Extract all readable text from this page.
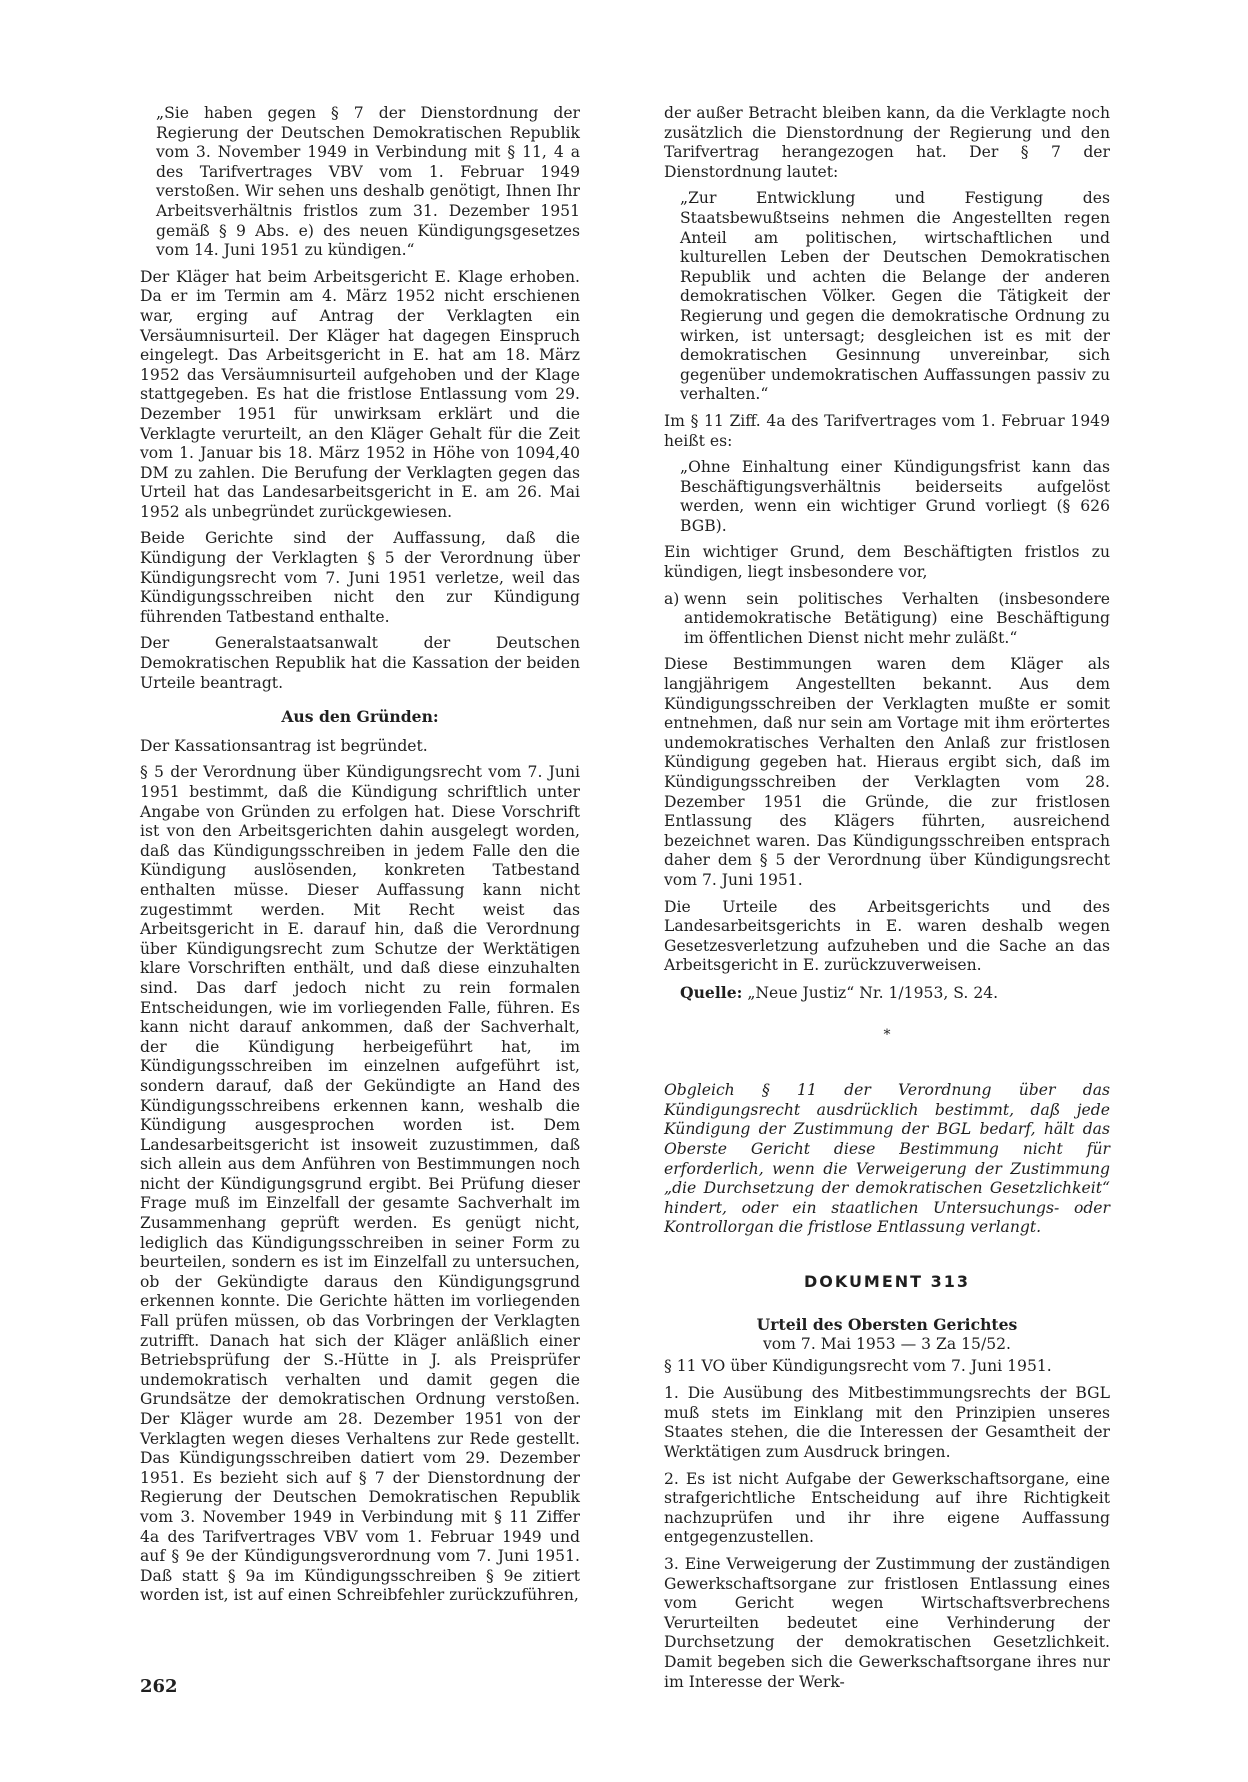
„Sie haben gegen § 7 der Dienstordnung der Regierung der Deutschen Demokratischen Republik vom 3. November 1949 in Verbindung mit § 11, 4 a des Tarifvertrages VBV vom 1. Februar 1949 verstoßen. Wir sehen uns deshalb genötigt, Ihnen Ihr Arbeitsverhältnis fristlos zum 31. Dezember 1951 gemäß § 9 Abs. e) des neuen Kündigungsgesetzes vom 14. Juni 1951 zu kündigen.“

Der Kläger hat beim Arbeitsgericht E. Klage erhoben. Da er im Termin am 4. März 1952 nicht erschienen war, erging auf Antrag der Verklagten ein Versäumnisurteil. Der Kläger hat dagegen Einspruch eingelegt. Das Arbeitsgericht in E. hat am 18. März 1952 das Versäumnisurteil aufgehoben und der Klage stattgegeben. Es hat die fristlose Entlassung vom 29. Dezember 1951 für unwirksam erklärt und die Verklagte verurteilt, an den Kläger Gehalt für die Zeit vom 1. Januar bis 18. März 1952 in Höhe von 1094,40 DM zu zahlen. Die Berufung der Verklagten gegen das Urteil hat das Landesarbeitsgericht in E. am 26. Mai 1952 als unbegründet zurückgewiesen.

Beide Gerichte sind der Auffassung, daß die Kündigung der Verklagten § 5 der Verordnung über Kündigungsrecht vom 7. Juni 1951 verletze, weil das Kündigungsschreiben nicht den zur Kündigung führenden Tatbestand enthalte.

Der Generalstaatsanwalt der Deutschen Demokratischen Republik hat die Kassation der beiden Urteile beantragt.

Aus den Gründen:

Der Kassationsantrag ist begründet.

§ 5 der Verordnung über Kündigungsrecht vom 7. Juni 1951 bestimmt, daß die Kündigung schriftlich unter Angabe von Gründen zu erfolgen hat. Diese Vorschrift ist von den Arbeitsgerichten dahin ausgelegt worden, daß das Kündigungsschreiben in jedem Falle den die Kündigung auslösenden, konkreten Tatbestand enthalten müsse. Dieser Auffassung kann nicht zugestimmt werden. Mit Recht weist das Arbeitsgericht in E. darauf hin, daß die Verordnung über Kündigungsrecht zum Schutze der Werktätigen klare Vorschriften enthält, und daß diese einzuhalten sind. Das darf jedoch nicht zu rein formalen Entscheidungen, wie im vorliegenden Falle, führen. Es kann nicht darauf ankommen, daß der Sachverhalt, der die Kündigung herbeigeführt hat, im Kündigungsschreiben im einzelnen aufgeführt ist, sondern darauf, daß der Gekündigte an Hand des Kündigungsschreibens erkennen kann, weshalb die Kündigung ausgesprochen worden ist. Dem Landesarbeitsgericht ist insoweit zuzustimmen, daß sich allein aus dem Anführen von Bestimmungen noch nicht der Kündigungsgrund ergibt. Bei Prüfung dieser Frage muß im Einzelfall der gesamte Sachverhalt im Zusammenhang geprüft werden. Es genügt nicht, lediglich das Kündigungsschreiben in seiner Form zu beurteilen, sondern es ist im Einzelfall zu untersuchen, ob der Gekündigte daraus den Kündigungsgrund erkennen konnte. Die Gerichte hätten im vorliegenden Fall prüfen müssen, ob das Vorbringen der Verklagten zutrifft. Danach hat sich der Kläger anläßlich einer Betriebsprüfung der S.-Hütte in J. als Preisprüfer undemokratisch verhalten und damit gegen die Grundsätze der demokratischen Ordnung verstoßen. Der Kläger wurde am 28. Dezember 1951 von der Verklagten wegen dieses Verhaltens zur Rede gestellt. Das Kündigungsschreiben datiert vom 29. Dezember 1951. Es bezieht sich auf § 7 der Dienstordnung der Regierung der Deutschen Demokratischen Republik vom 3. November 1949 in Verbindung mit § 11 Ziffer 4a des Tarifvertrages VBV vom 1. Februar 1949 und auf § 9e der Kündigungsverordnung vom 7. Juni 1951. Daß statt § 9a im Kündigungsschreiben § 9e zitiert worden ist, ist auf einen Schreibfehler zurückzuführen,

der außer Betracht bleiben kann, da die Verklagte noch zusätzlich die Dienstordnung der Regierung und den Tarifvertrag herangezogen hat. Der § 7 der Dienstordnung lautet:

„Zur Entwicklung und Festigung des Staatsbewußtseins nehmen die Angestellten regen Anteil am politischen, wirtschaftlichen und kulturellen Leben der Deutschen Demokratischen Republik und achten die Belange der anderen demokratischen Völker. Gegen die Tätigkeit der Regierung und gegen die demokratische Ordnung zu wirken, ist untersagt; desgleichen ist es mit der demokratischen Gesinnung unvereinbar, sich gegenüber undemokratischen Auffassungen passiv zu verhalten.“

Im § 11 Ziff. 4a des Tarifvertrages vom 1. Februar 1949 heißt es:

„Ohne Einhaltung einer Kündigungsfrist kann das Beschäftigungsverhältnis beiderseits aufgelöst werden, wenn ein wichtiger Grund vorliegt (§ 626 BGB).

Ein wichtiger Grund, dem Beschäftigten fristlos zu kündigen, liegt insbesondere vor,

a) wenn sein politisches Verhalten (insbesondere antidemokratische Betätigung) eine Beschäftigung im öffentlichen Dienst nicht mehr zuläßt.“

Diese Bestimmungen waren dem Kläger als langjährigem Angestellten bekannt. Aus dem Kündigungsschreiben der Verklagten mußte er somit entnehmen, daß nur sein am Vortage mit ihm erörtertes undemokratisches Verhalten den Anlaß zur fristlosen Kündigung gegeben hat. Hieraus ergibt sich, daß im Kündigungsschreiben der Verklagten vom 28. Dezember 1951 die Gründe, die zur fristlosen Entlassung des Klägers führten, ausreichend bezeichnet waren. Das Kündigungsschreiben entsprach daher dem § 5 der Verordnung über Kündigungsrecht vom 7. Juni 1951.

Die Urteile des Arbeitsgerichts und des Landesarbeitsgerichts in E. waren deshalb wegen Gesetzesverletzung aufzuheben und die Sache an das Arbeitsgericht in E. zurückzuverweisen.

Quelle: „Neue Justiz“ Nr. 1/1953, S. 24.

*

Obgleich § 11 der Verordnung über das Kündigungsrecht ausdrücklich bestimmt, daß jede Kündigung der Zustimmung der BGL bedarf, hält das Oberste Gericht diese Bestimmung nicht für erforderlich, wenn die Verweigerung der Zustimmung „die Durchsetzung der demokratischen Gesetzlichkeit“ hindert, oder ein staatlichen Untersuchungs- oder Kontrollorgan die fristlose Entlassung verlangt.

DOKUMENT 313

Urteil des Obersten Gerichtes

vom 7. Mai 1953 — 3 Za 15/52.

§ 11 VO über Kündigungsrecht vom 7. Juni 1951.

1. Die Ausübung des Mitbestimmungsrechts der BGL muß stets im Einklang mit den Prinzipien unseres Staates stehen, die die Interessen der Gesamtheit der Werktätigen zum Ausdruck bringen.

2. Es ist nicht Aufgabe der Gewerkschaftsorgane, eine strafgerichtliche Entscheidung auf ihre Richtigkeit nachzuprüfen und ihr ihre eigene Auffassung entgegenzustellen.

3. Eine Verweigerung der Zustimmung der zuständigen Gewerkschaftsorgane zur fristlosen Entlassung eines vom Gericht wegen Wirtschaftsverbrechens Verurteilten bedeutet eine Verhinderung der Durchsetzung der demokratischen Gesetzlichkeit. Damit begeben sich die Gewerkschaftsorgane ihres nur im Interesse der Werk-

262
